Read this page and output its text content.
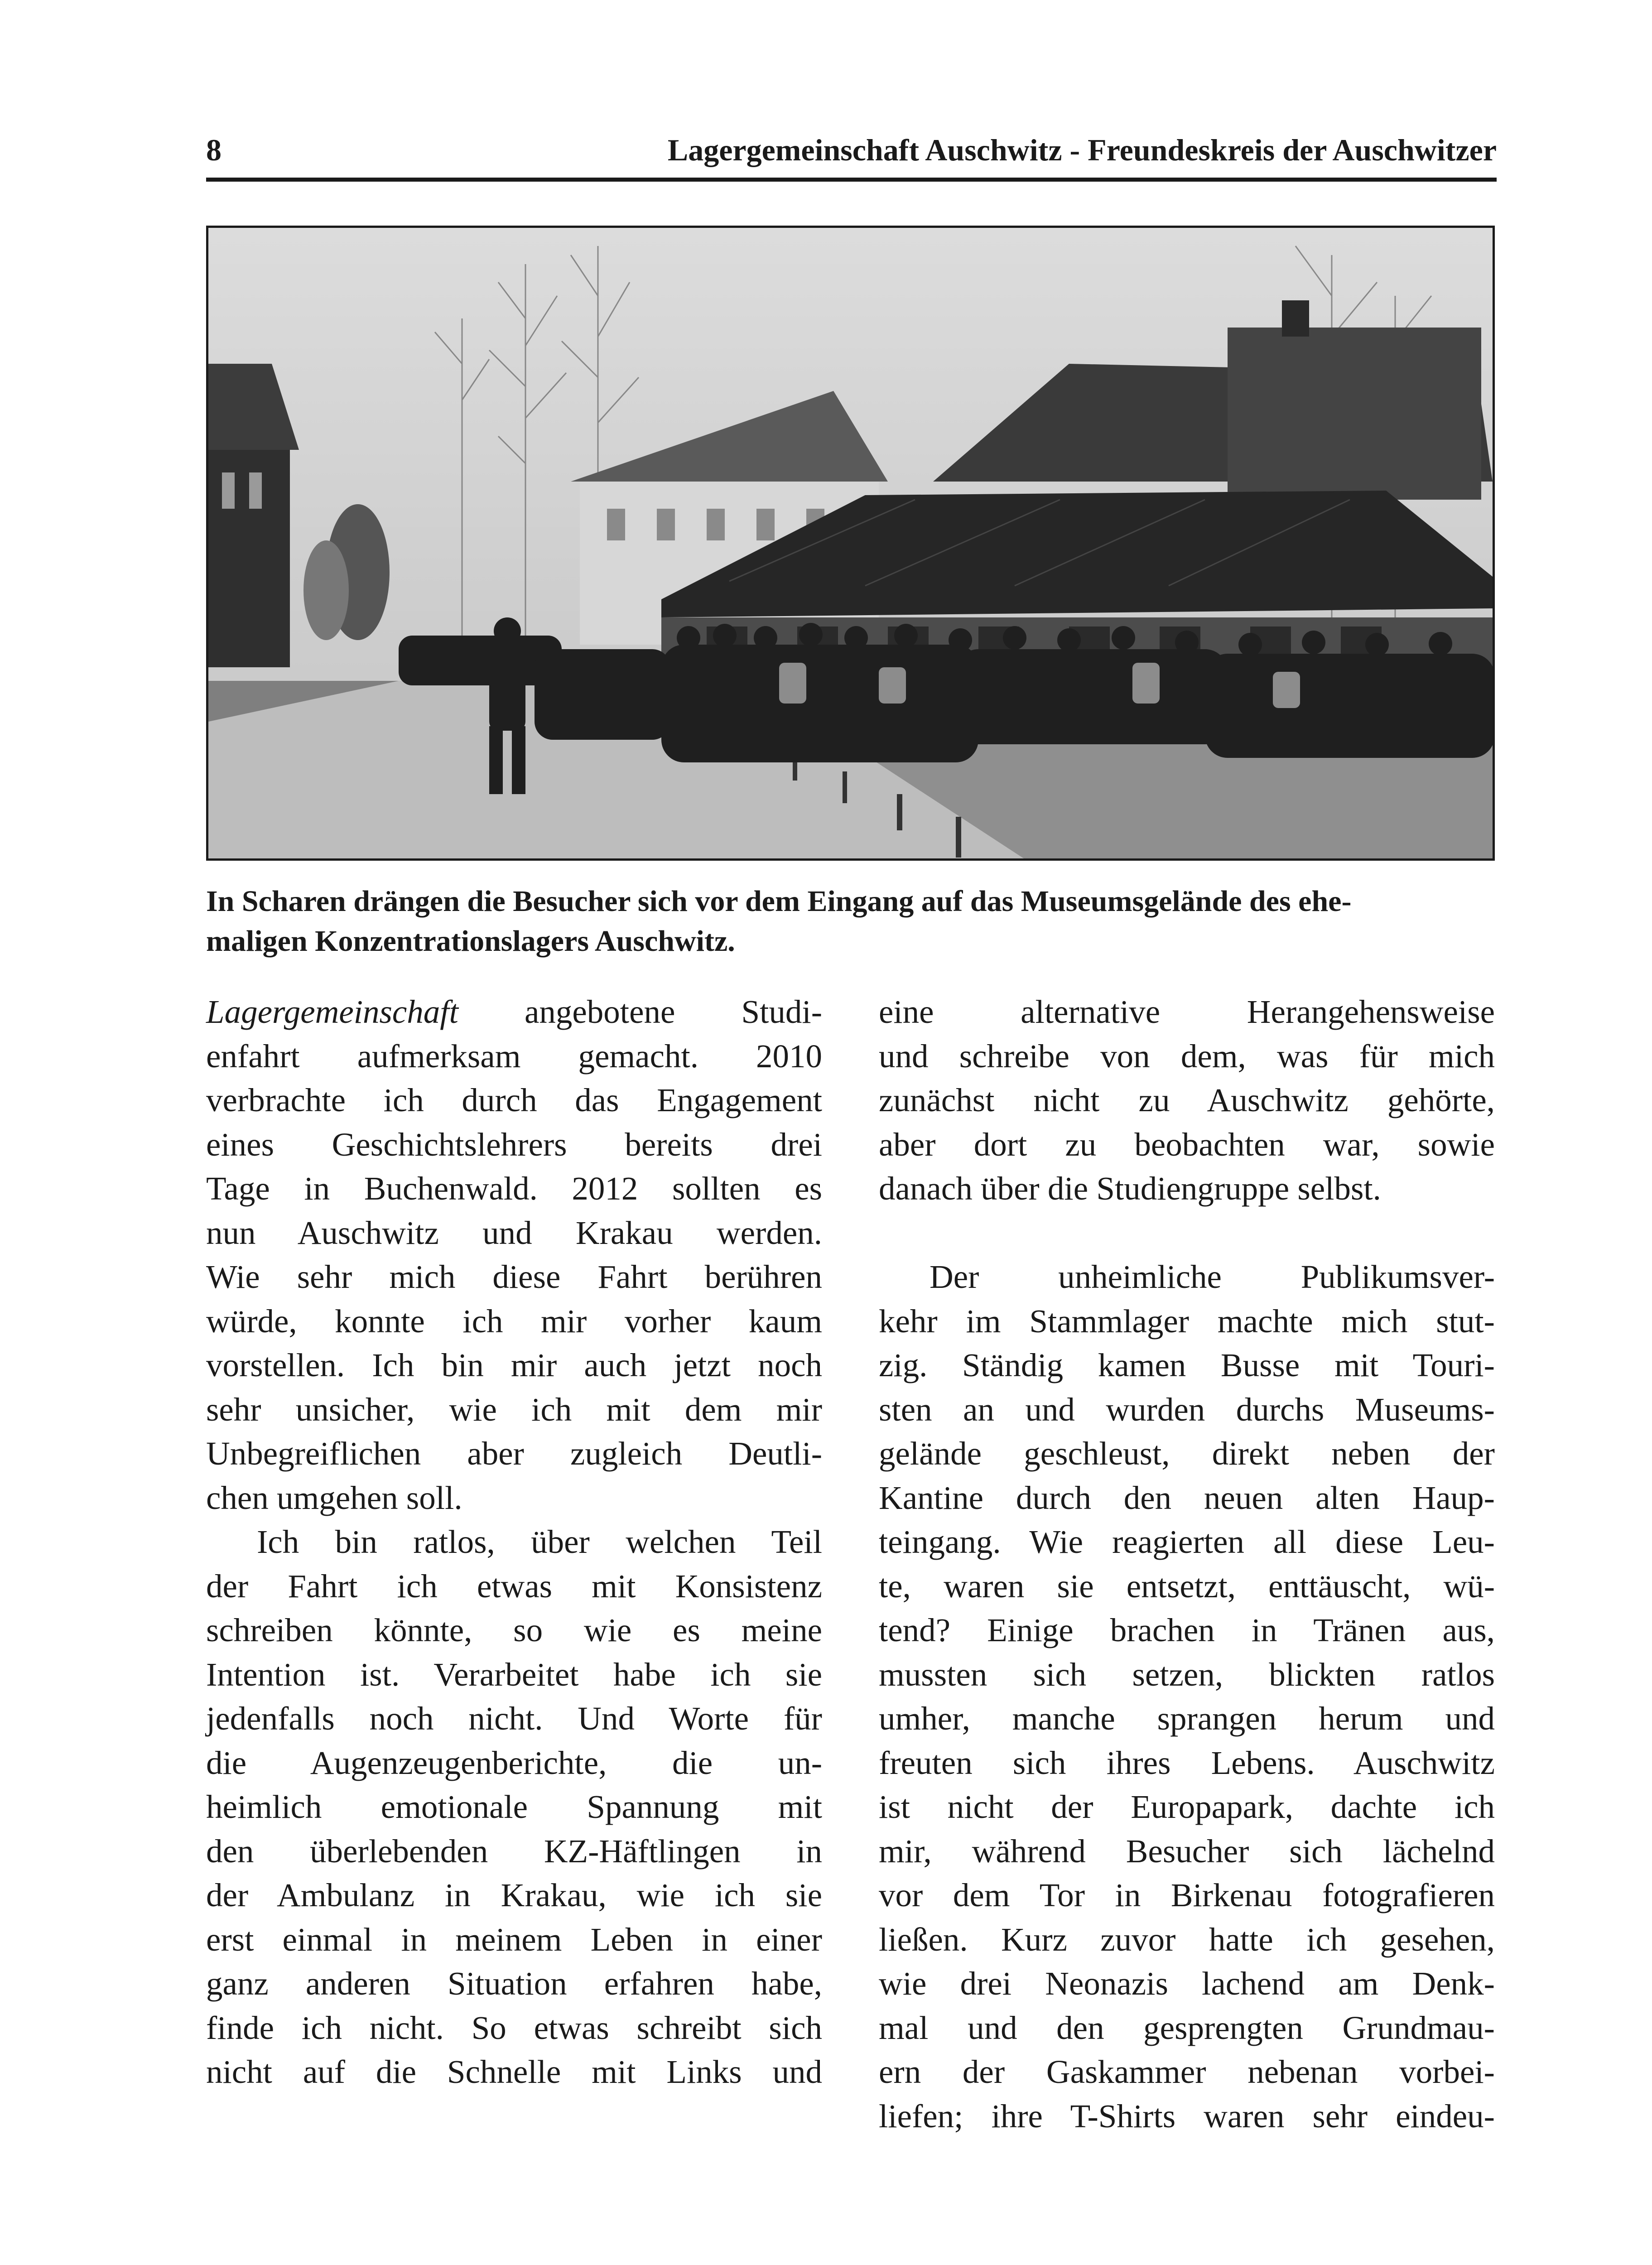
8	Lagergemeinschaft Auschwitz - Freundeskreis der Auschwitzer

In Scharen drängen die Besucher sich vor dem Eingang auf das Museumsgelände des ehe-
maligen Konzentrationslagers Auschwitz.

Lagergemeinschaft angebotene Studi-
enfahrt aufmerksam gemacht. 2010
verbrachte ich durch das Engagement
eines Geschichtslehrers bereits drei
Tage in Buchenwald. 2012 sollten es
nun Auschwitz und Krakau werden.
Wie sehr mich diese Fahrt berühren
würde, konnte ich mir vorher kaum
vorstellen. Ich bin mir auch jetzt noch
sehr unsicher, wie ich mit dem mir
Unbegreiflichen aber zugleich Deutli-
chen umgehen soll.
Ich bin ratlos, über welchen Teil
der Fahrt ich etwas mit Konsistenz
schreiben könnte, so wie es meine
Intention ist. Verarbeitet habe ich sie
jedenfalls noch nicht. Und Worte für
die Augenzeugenberichte, die un-
heimlich emotionale Spannung mit
den überlebenden KZ-Häftlingen in
der Ambulanz in Krakau, wie ich sie
erst einmal in meinem Leben in einer
ganz anderen Situation erfahren habe,
finde ich nicht. So etwas schreibt sich
nicht auf die Schnelle mit Links und
eine alternative Herangehensweise
und schreibe von dem, was für mich
zunächst nicht zu Auschwitz gehörte,
aber dort zu beobachten war, sowie
danach über die Studiengruppe selbst.
Der unheimliche Publikumsver-
kehr im Stammlager machte mich stut-
zig. Ständig kamen Busse mit Touri-
sten an und wurden durchs Museums-
gelände geschleust, direkt neben der
Kantine durch den neuen alten Haup-
teingang. Wie reagierten all diese Leu-
te, waren sie entsetzt, enttäuscht, wü-
tend? Einige brachen in Tränen aus,
mussten sich setzen, blickten ratlos
umher, manche sprangen herum und
freuten sich ihres Lebens. Auschwitz
ist nicht der Europapark, dachte ich
mir, während Besucher sich lächelnd
vor dem Tor in Birkenau fotografieren
ließen. Kurz zuvor hatte ich gesehen,
wie drei Neonazis lachend am Denk-
mal und den gesprengten Grundmau-
ern der Gaskammer nebenan vorbei-
liefen; ihre T-Shirts waren sehr eindeu-
